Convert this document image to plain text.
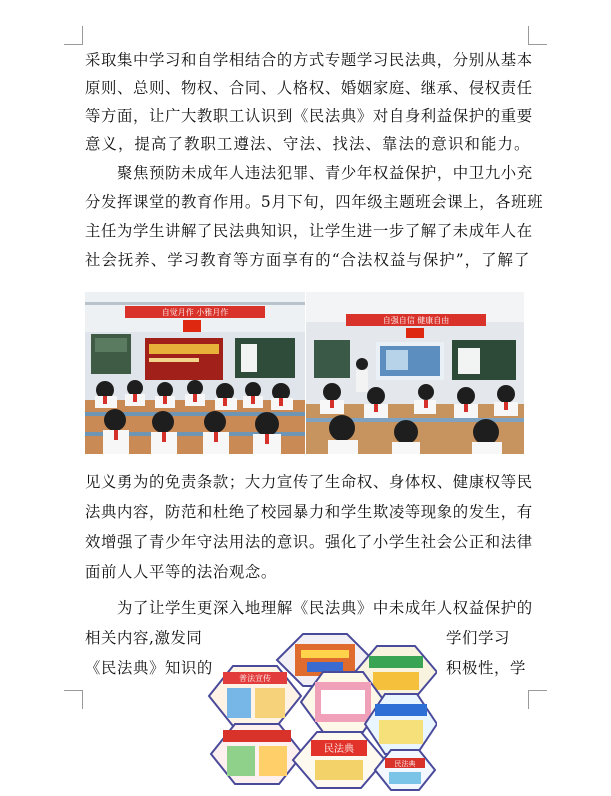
采取集中学习和自学相结合的方式专题学习民法典，分别从基本
原则、总则、物权、合同、人格权、婚姻家庭、继承、侵权责任
等方面，让广大教职工认识到《民法典》对自身利益保护的重要
意义，提高了教职工遵法、守法、找法、靠法的意识和能力。
聚焦预防未成年人违法犯罪、青少年权益保护，中卫九小充
分发挥课堂的教育作用。5月下旬，四年级主题班会课上，各班班
主任为学生讲解了民法典知识，让学生进一步了解了未成年人在
社会抚养、学习教育等方面享有的“合法权益与保护”，了解了
自觉月作 小雅月作
自强自信 健康自由
见义勇为的免责条款；大力宣传了生命权、身体权、健康权等民
法典内容，防范和杜绝了校园暴力和学生欺凌等现象的发生，有
效增强了青少年守法用法的意识。强化了小学生社会公正和法律
面前人人平等的法治观念。
为了让学生更深入地理解《民法典》中未成年人权益保护的
相关内容,激发同	学们学习
《民法典》知识的	积极性，学
普法宣传
民法典
民法典
